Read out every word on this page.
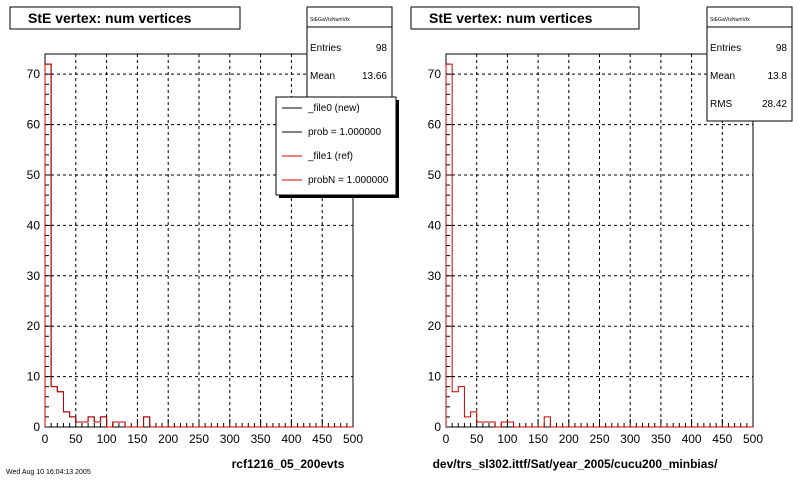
0 50 100 150 200 250 300 350 400 450 500
0
10
20
30
40
50
60
70
StE vertex: num vertices	StEGaVtxNumVtx
Entries	98
Mean	13.66
_file0 (new)
prob = 1.000000
_file1 (ref)
probN = 1.000000
rcf1216_05_200evts
0 50 100 150 200 250 300 350 400 450 500
0
10
20
30
40
50
60
70
StE vertex: num vertices	StEGaVtxNumVtx
Entries	98
Mean	13.8
RMS	28.42
dev/trs_sl302.ittf/Sat/year_2005/cucu200_minbias/
Wed Aug 10 16:04:13 2005
